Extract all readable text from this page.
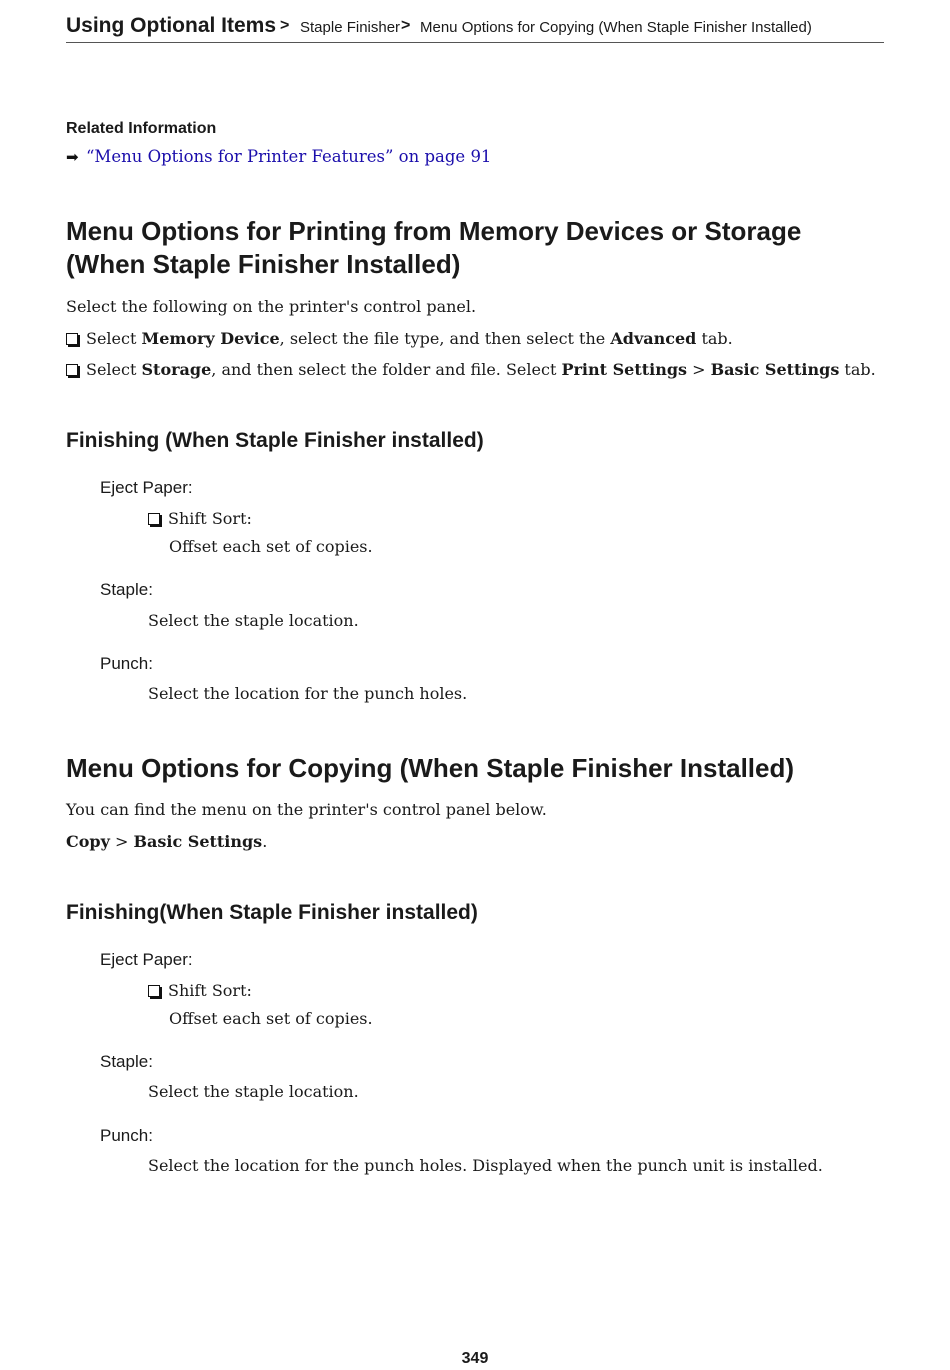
Using Optional Items > Staple Finisher > Menu Options for Copying (When Staple Finisher Installed)
Related Information
➡ “Menu Options for Printer Features” on page 91
Menu Options for Printing from Memory Devices or Storage (When Staple Finisher Installed)
Select the following on the printer's control panel.
Select Memory Device, select the file type, and then select the Advanced tab.
Select Storage, and then select the folder and file. Select Print Settings > Basic Settings tab.
Finishing (When Staple Finisher installed)
Eject Paper:
Shift Sort:
Offset each set of copies.
Staple:
Select the staple location.
Punch:
Select the location for the punch holes.
Menu Options for Copying (When Staple Finisher Installed)
You can find the menu on the printer's control panel below.
Copy > Basic Settings.
Finishing(When Staple Finisher installed)
Eject Paper:
Shift Sort:
Offset each set of copies.
Staple:
Select the staple location.
Punch:
Select the location for the punch holes. Displayed when the punch unit is installed.
349
